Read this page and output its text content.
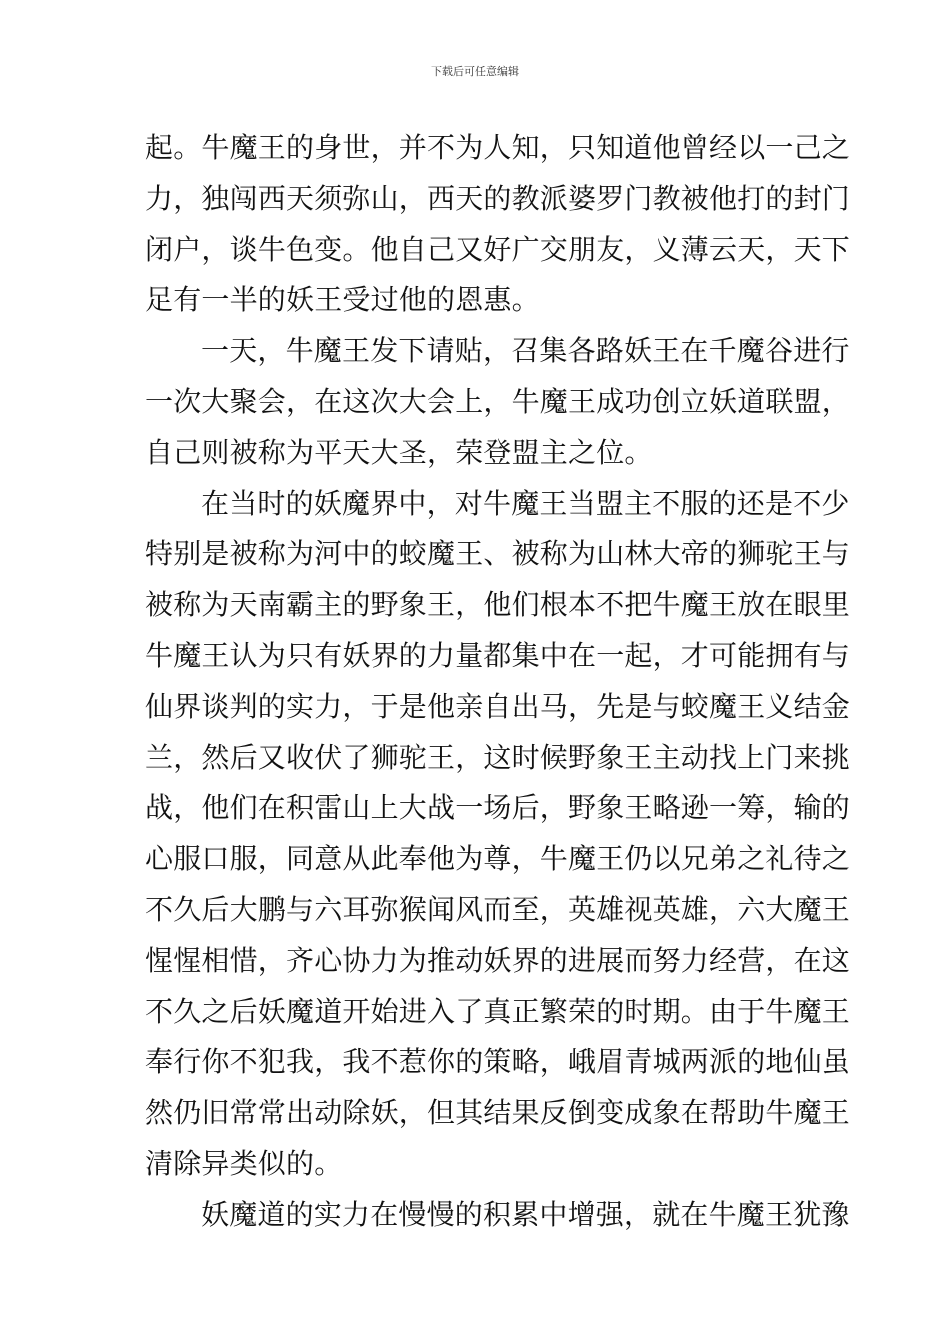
下载后可任意编辑
起。牛魔王的身世，并不为人知，只知道他曾经以一己之
力，独闯西天须弥山，西天的教派婆罗门教被他打的封门
闭户，谈牛色变。他自己又好广交朋友，义薄云天，天下
足有一半的妖王受过他的恩惠。
一天，牛魔王发下请贴，召集各路妖王在千魔谷进行
一次大聚会，在这次大会上，牛魔王成功创立妖道联盟，
自己则被称为平天大圣，荣登盟主之位。
在当时的妖魔界中，对牛魔王当盟主不服的还是不少
特别是被称为河中的蛟魔王、被称为山林大帝的狮驼王与
被称为天南霸主的野象王，他们根本不把牛魔王放在眼里
牛魔王认为只有妖界的力量都集中在一起，才可能拥有与
仙界谈判的实力，于是他亲自出马，先是与蛟魔王义结金
兰，然后又收伏了狮驼王，这时候野象王主动找上门来挑
战，他们在积雷山上大战一场后，野象王略逊一筹，输的
心服口服，同意从此奉他为尊，牛魔王仍以兄弟之礼待之
不久后大鹏与六耳弥猴闻风而至，英雄视英雄，六大魔王
惺惺相惜，齐心协力为推动妖界的进展而努力经营，在这
不久之后妖魔道开始进入了真正繁荣的时期。由于牛魔王
奉行你不犯我，我不惹你的策略，峨眉青城两派的地仙虽
然仍旧常常出动除妖，但其结果反倒变成象在帮助牛魔王
清除异类似的。
妖魔道的实力在慢慢的积累中增强，就在牛魔王犹豫
